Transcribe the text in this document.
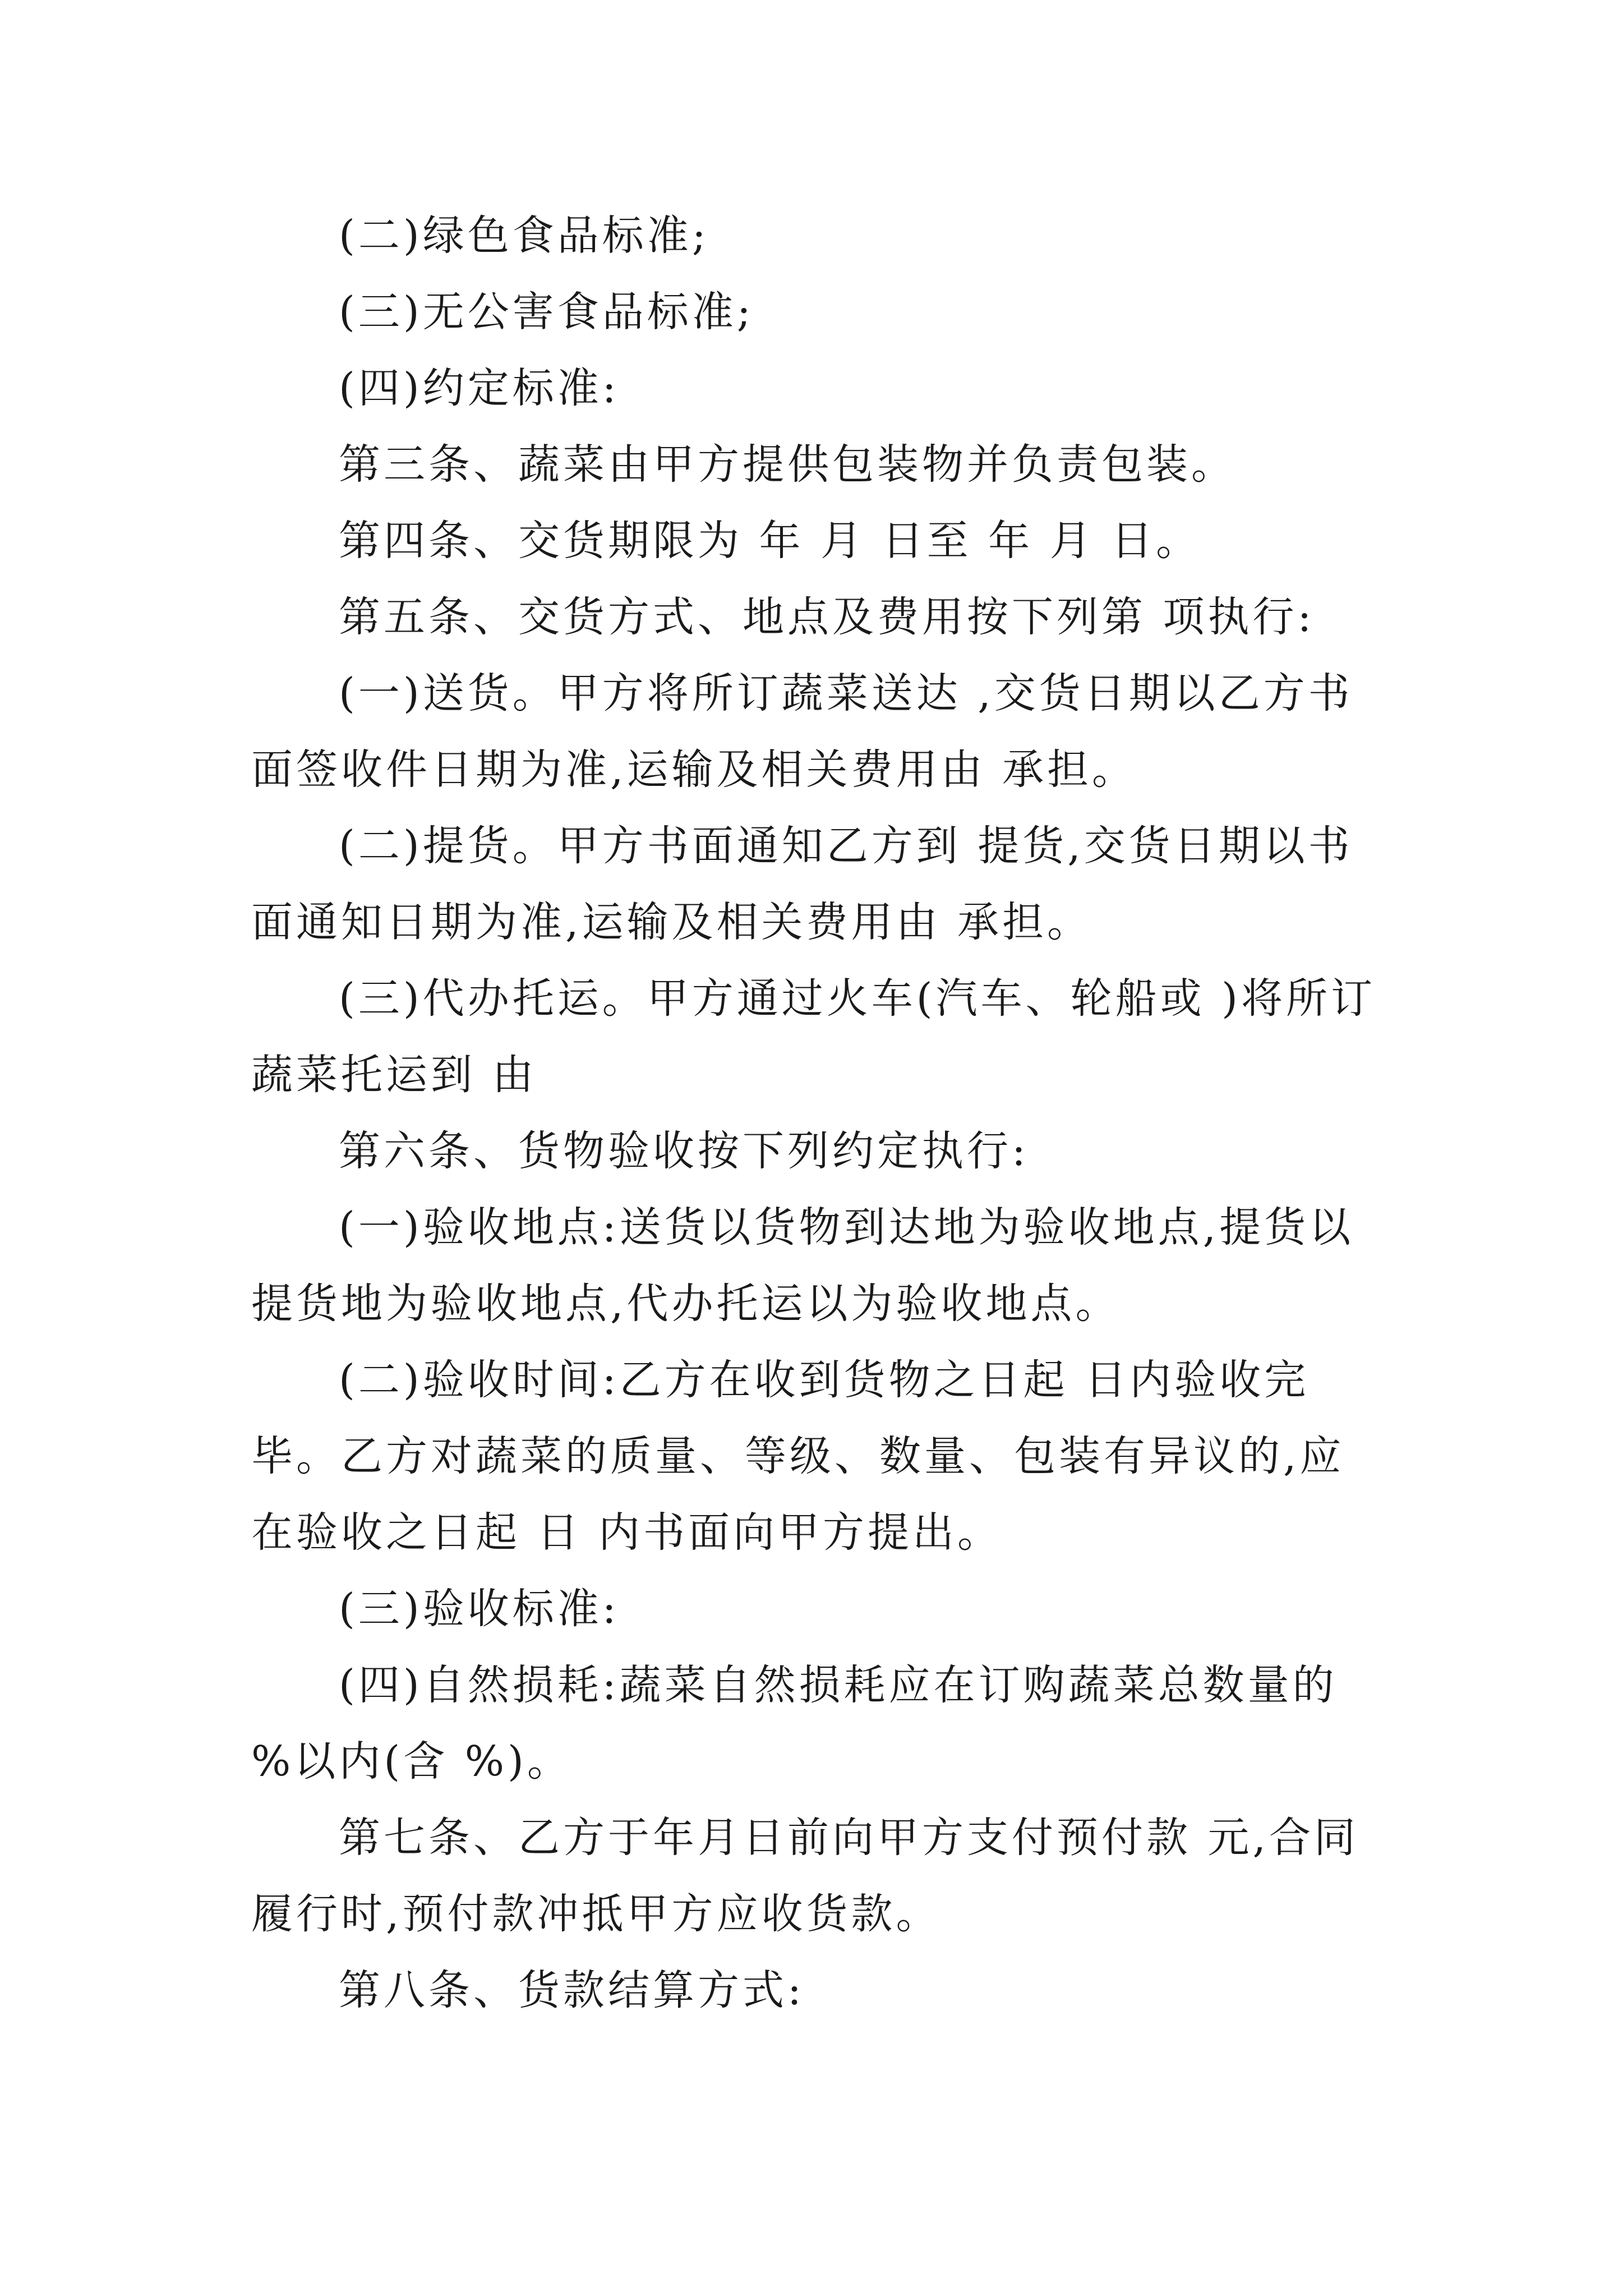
(二)绿色食品标准;

(三)无公害食品标准;

(四)约定标准:

第三条、蔬菜由甲方提供包装物并负责包装。

第四条、交货期限为 年 月 日至 年 月 日。

第五条、交货方式、地点及费用按下列第 项执行:

(一)送货。甲方将所订蔬菜送达 ,交货日期以乙方书面签收件日期为准,运输及相关费用由 承担。

(二)提货。甲方书面通知乙方到 提货,交货日期以书面通知日期为准,运输及相关费用由 承担。

(三)代办托运。甲方通过火车(汽车、轮船或 )将所订蔬菜托运到 由

第六条、货物验收按下列约定执行:

(一)验收地点:送货以货物到达地为验收地点,提货以提货地为验收地点,代办托运以为验收地点。

(二)验收时间:乙方在收到货物之日起 日内验收完毕。乙方对蔬菜的质量、等级、数量、包装有异议的,应在验收之日起 日 内书面向甲方提出。

(三)验收标准:

(四)自然损耗:蔬菜自然损耗应在订购蔬菜总数量的 %以内(含 %)。

第七条、乙方于年月日前向甲方支付预付款 元,合同履行时,预付款冲抵甲方应收货款。

第八条、货款结算方式:
